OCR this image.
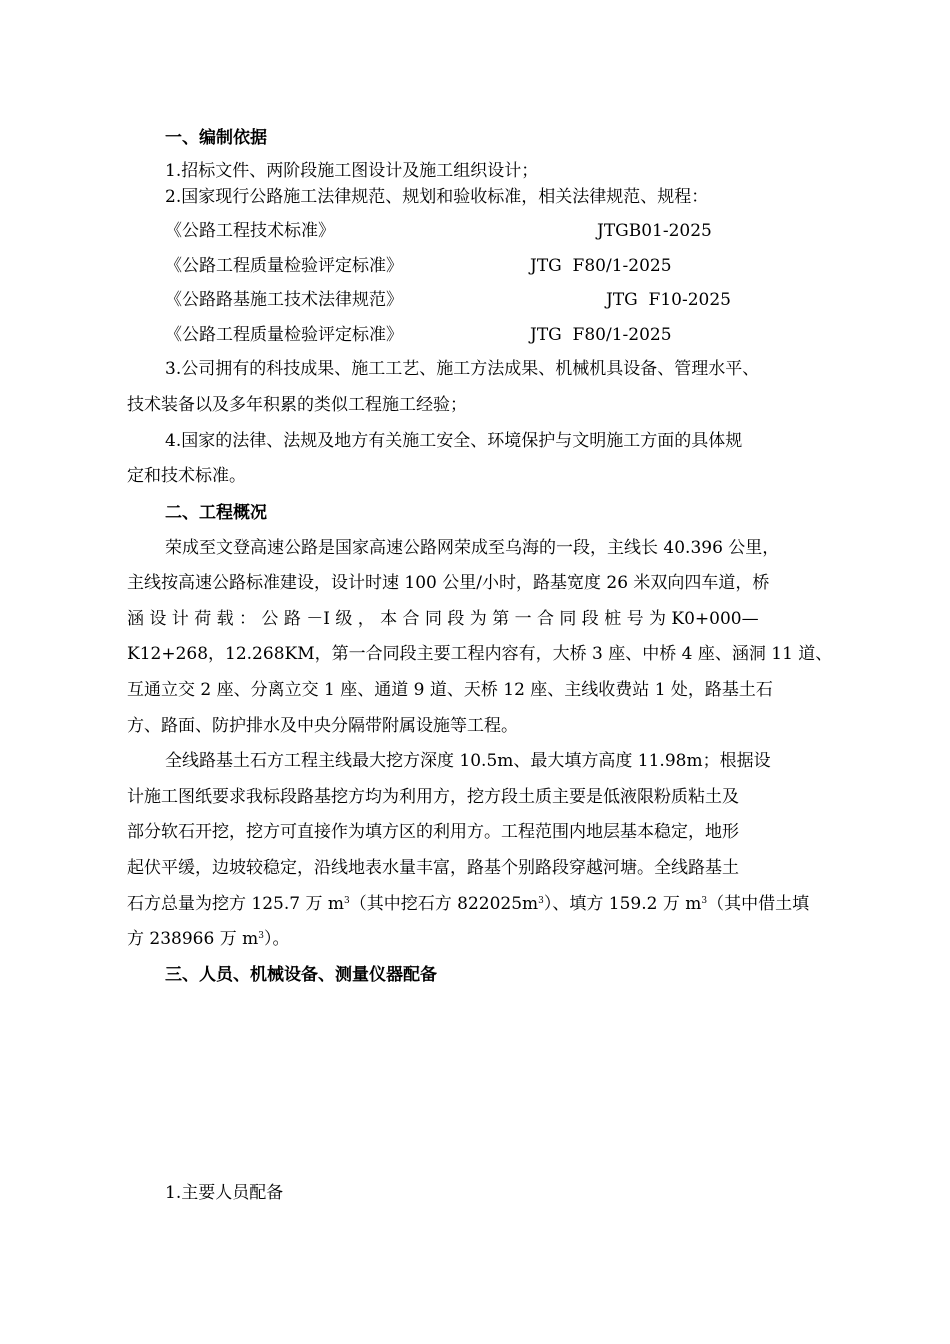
一、编制依据
1.招标文件、两阶段施工图设计及施工组织设计；
2.国家现行公路施工法律规范、规划和验收标准，相关法律规范、规程：
《公路工程技术标准》	JTGB01-2025
《公路工程质量检验评定标准》	JTG  F80/1-2025
《公路路基施工技术法律规范》	JTG  F10-2025
《公路工程质量检验评定标准》	JTG  F80/1-2025
3.公司拥有的科技成果、施工工艺、施工方法成果、机械机具设备、管理水平、
技术装备以及多年积累的类似工程施工经验；
4.国家的法律、法规及地方有关施工安全、环境保护与文明施工方面的具体规
定和技术标准。
二、工程概况
荣成至文登高速公路是国家高速公路网荣成至乌海的一段，主线长 40.396 公里，
主线按高速公路标准建设，设计时速 100 公里/小时，路基宽度 26 米双向四车道，桥
涵 设 计 荷 载 ： 公 路 －Ⅰ 级 ， 本 合 同 段 为 第 一 合 同 段 桩 号 为 K0+000—
K12+268，12.268KM，第一合同段主要工程内容有，大桥 3 座、中桥 4 座、涵洞 11 道、
互通立交 2 座、分离立交 1 座、通道 9 道、天桥 12 座、主线收费站 1 处，路基土石
方、路面、防护排水及中央分隔带附属设施等工程。
全线路基土石方工程主线最大挖方深度 10.5m、最大填方高度 11.98m；根据设
计施工图纸要求我标段路基挖方均为利用方，挖方段土质主要是低液限粉质粘土及
部分软石开挖，挖方可直接作为填方区的利用方。工程范围内地层基本稳定，地形
起伏平缓，边坡较稳定，沿线地表水量丰富，路基个别路段穿越河塘。全线路基土
石方总量为挖方 125.7 万 $m^3$（其中挖石方 $822025m^3$）、填方 159.2 万 $m^3$（其中借土填
方 238966 万 $m^3$）。
三、人员、机械设备、测量仪器配备
1.主要人员配备
